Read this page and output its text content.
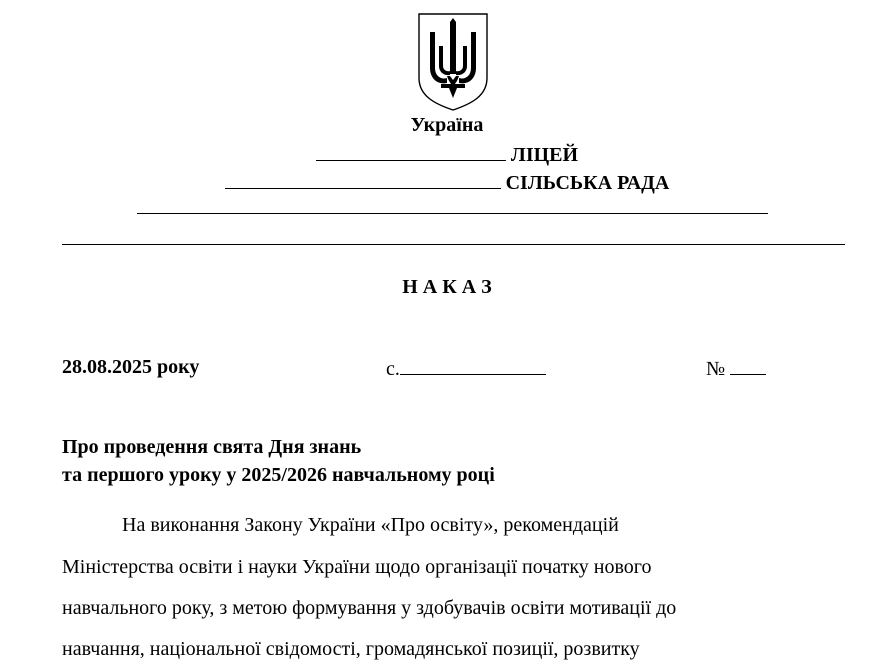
Україна
ЛІЦЕЙ
СІЛЬСЬКА РАДА
Н А К А З
28.08.2025 року	с.	№
Про проведення свята Дня знань
та першого уроку у 2025/2026 навчальному році
На виконання Закону України «Про освіту», рекомендацій
Міністерства освіти і науки України щодо організації початку нового
навчального року, з метою формування у здобувачів освіти мотивації до
навчання, національної свідомості, громадянської позиції, розвитку
